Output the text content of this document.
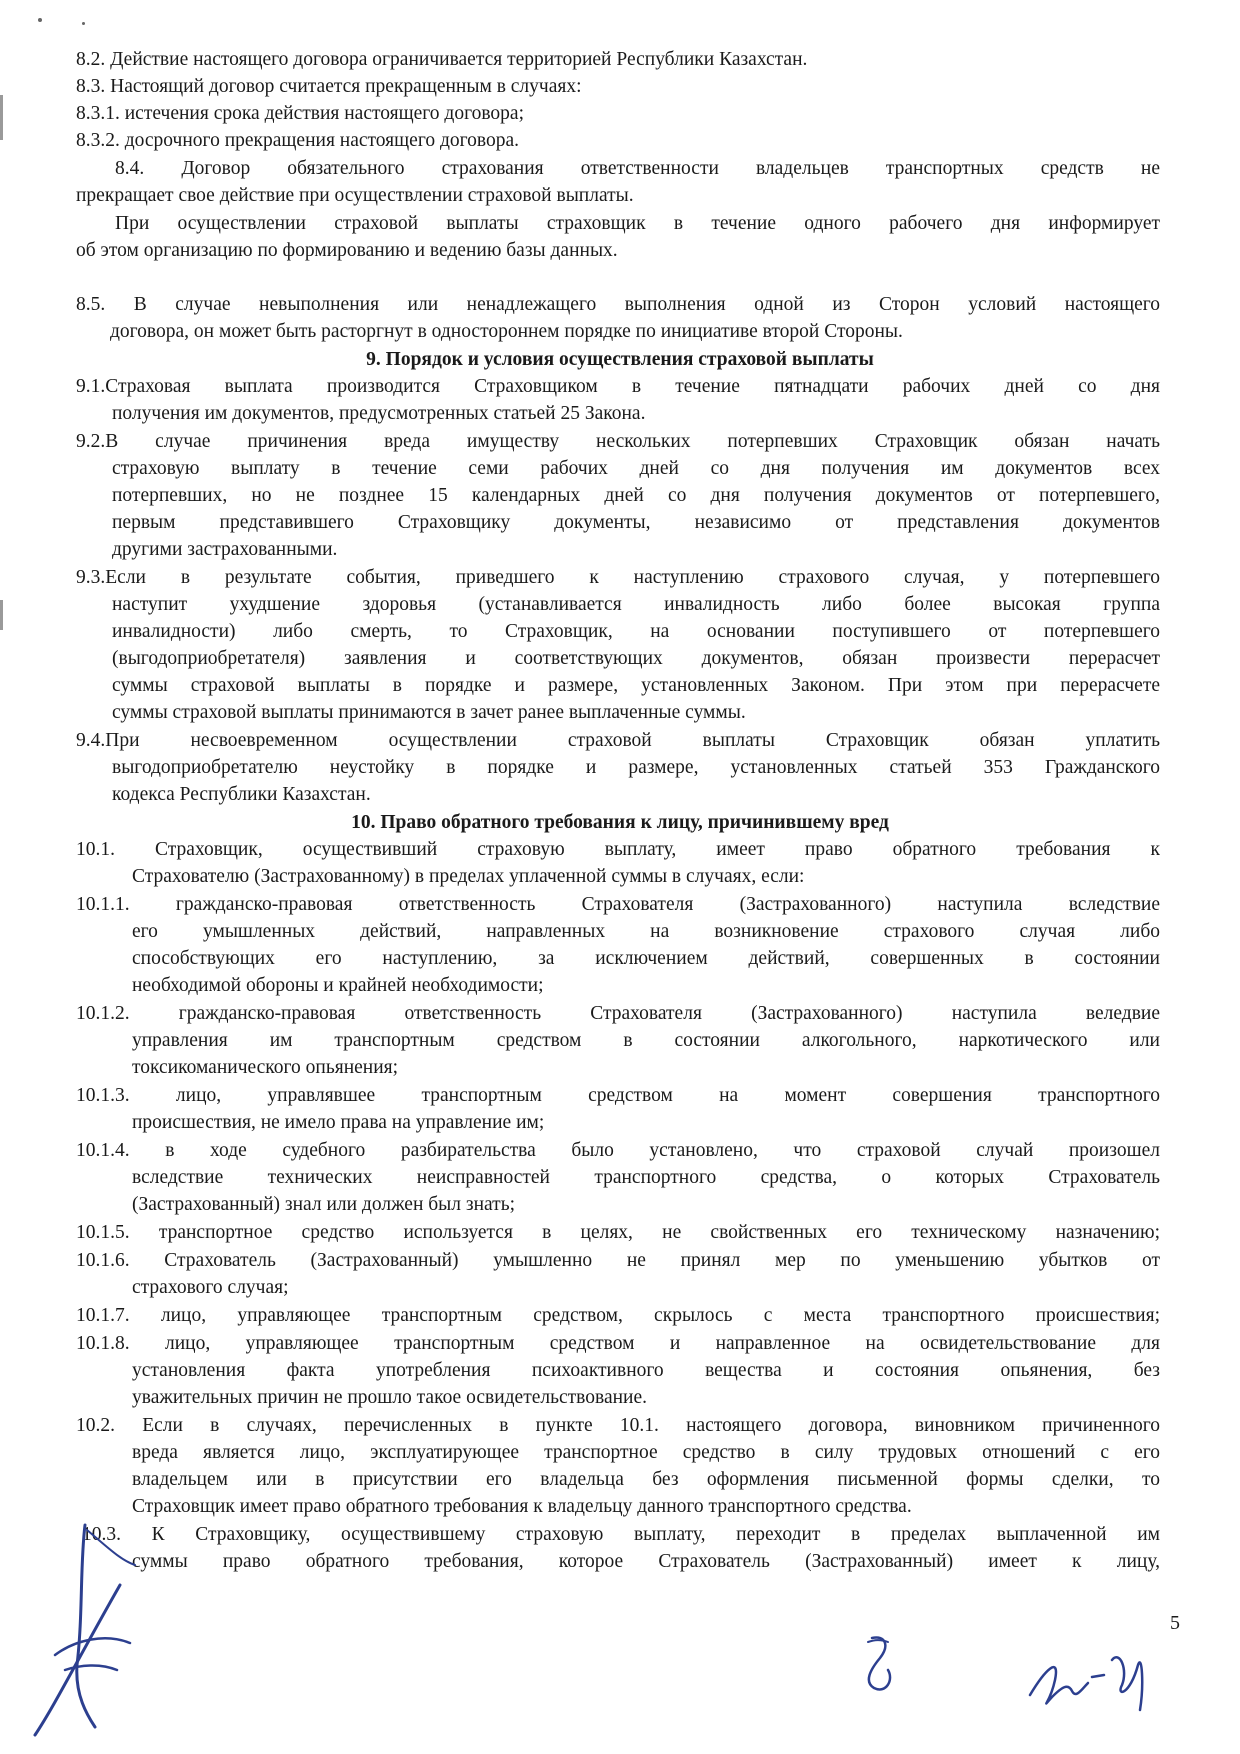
8.2. Действие настоящего договора ограничивается территорией Республики Казахстан.
8.3. Настоящий договор считается прекращенным в случаях:
8.3.1. истечения срока действия настоящего договора;
8.3.2. досрочного прекращения настоящего договора.
8.4. Договор обязательного страхования ответственности владельцев транспортных средств не
прекращает свое действие при осуществлении страховой выплаты.
При осуществлении страховой выплаты страховщик в течение одного рабочего дня информирует
об этом организацию по формированию и ведению базы данных.
8.5. В случае невыполнения или ненадлежащего выполнения одной из Сторон условий настоящего
договора, он может быть расторгнут в одностороннем порядке по инициативе второй Стороны.
9. Порядок и условия осуществления страховой выплаты
9.1.Страховая выплата производится Страховщиком в течение пятнадцати рабочих дней со дня
получения им документов, предусмотренных статьей 25 Закона.
9.2.В случае причинения вреда имуществу нескольких потерпевших Страховщик обязан начать
страховую выплату в течение семи рабочих дней со дня получения им документов всех
потерпевших, но не позднее 15 календарных дней со дня получения документов от потерпевшего,
первым представившего Страховщику документы, независимо от представления документов
другими застрахованными.
9.3.Если в результате события, приведшего к наступлению страхового случая, у потерпевшего
наступит ухудшение здоровья (устанавливается инвалидность либо более высокая группа
инвалидности) либо смерть, то Страховщик, на основании поступившего от потерпевшего
(выгодоприобретателя) заявления и соответствующих документов, обязан произвести перерасчет
суммы страховой выплаты в порядке и размере, установленных Законом. При этом при перерасчете
суммы страховой выплаты принимаются в зачет ранее выплаченные суммы.
9.4.При несвоевременном осуществлении страховой выплаты Страховщик обязан уплатить
выгодоприобретателю неустойку в порядке и размере, установленных статьей 353 Гражданского
кодекса Республики Казахстан.
10. Право обратного требования к лицу, причинившему вред
10.1. Страховщик, осуществивший страховую выплату, имеет право обратного требования к
Страхователю (Застрахованному) в пределах уплаченной суммы в случаях, если:
10.1.1. гражданско-правовая ответственность Страхователя (Застрахованного) наступила вследствие
его умышленных действий, направленных на возникновение страхового случая либо
способствующих его наступлению, за исключением действий, совершенных в состоянии
необходимой обороны и крайней необходимости;
10.1.2. гражданско-правовая ответственность Страхователя (Застрахованного) наступила веледвие
управления им транспортным средством в состоянии алкогольного, наркотического или
токсикоманического опьянения;
10.1.3. лицо, управлявшее транспортным средством на момент совершения транспортного
происшествия, не имело права на управление им;
10.1.4. в ходе судебного разбирательства было установлено, что страховой случай произошел
вследствие технических неисправностей транспортного средства, о которых Страхователь
(Застрахованный) знал или должен был знать;
10.1.5. транспортное средство используется в целях, не свойственных его техническому назначению;
10.1.6. Страхователь (Застрахованный) умышленно не принял мер по уменьшению убытков от
страхового случая;
10.1.7. лицо, управляющее транспортным средством, скрылось с места транспортного происшествия;
10.1.8. лицо, управляющее транспортным средством и направленное на освидетельствование для
установления факта употребления психоактивного вещества и состояния опьянения, без
уважительных причин не прошло такое освидетельствование.
10.2. Если в случаях, перечисленных в пункте 10.1. настоящего договора, виновником причиненного
вреда является лицо, эксплуатирующее транспортное средство в силу трудовых отношений с его
владельцем или в присутствии его владельца без оформления письменной формы сделки, то
Страховщик имеет право обратного требования к владельцу данного транспортного средства.
10.3. К Страховщику, осуществившему страховую выплату, переходит в пределах выплаченной им
суммы право обратного требования, которое Страхователь (Застрахованный) имеет к лицу,
5
